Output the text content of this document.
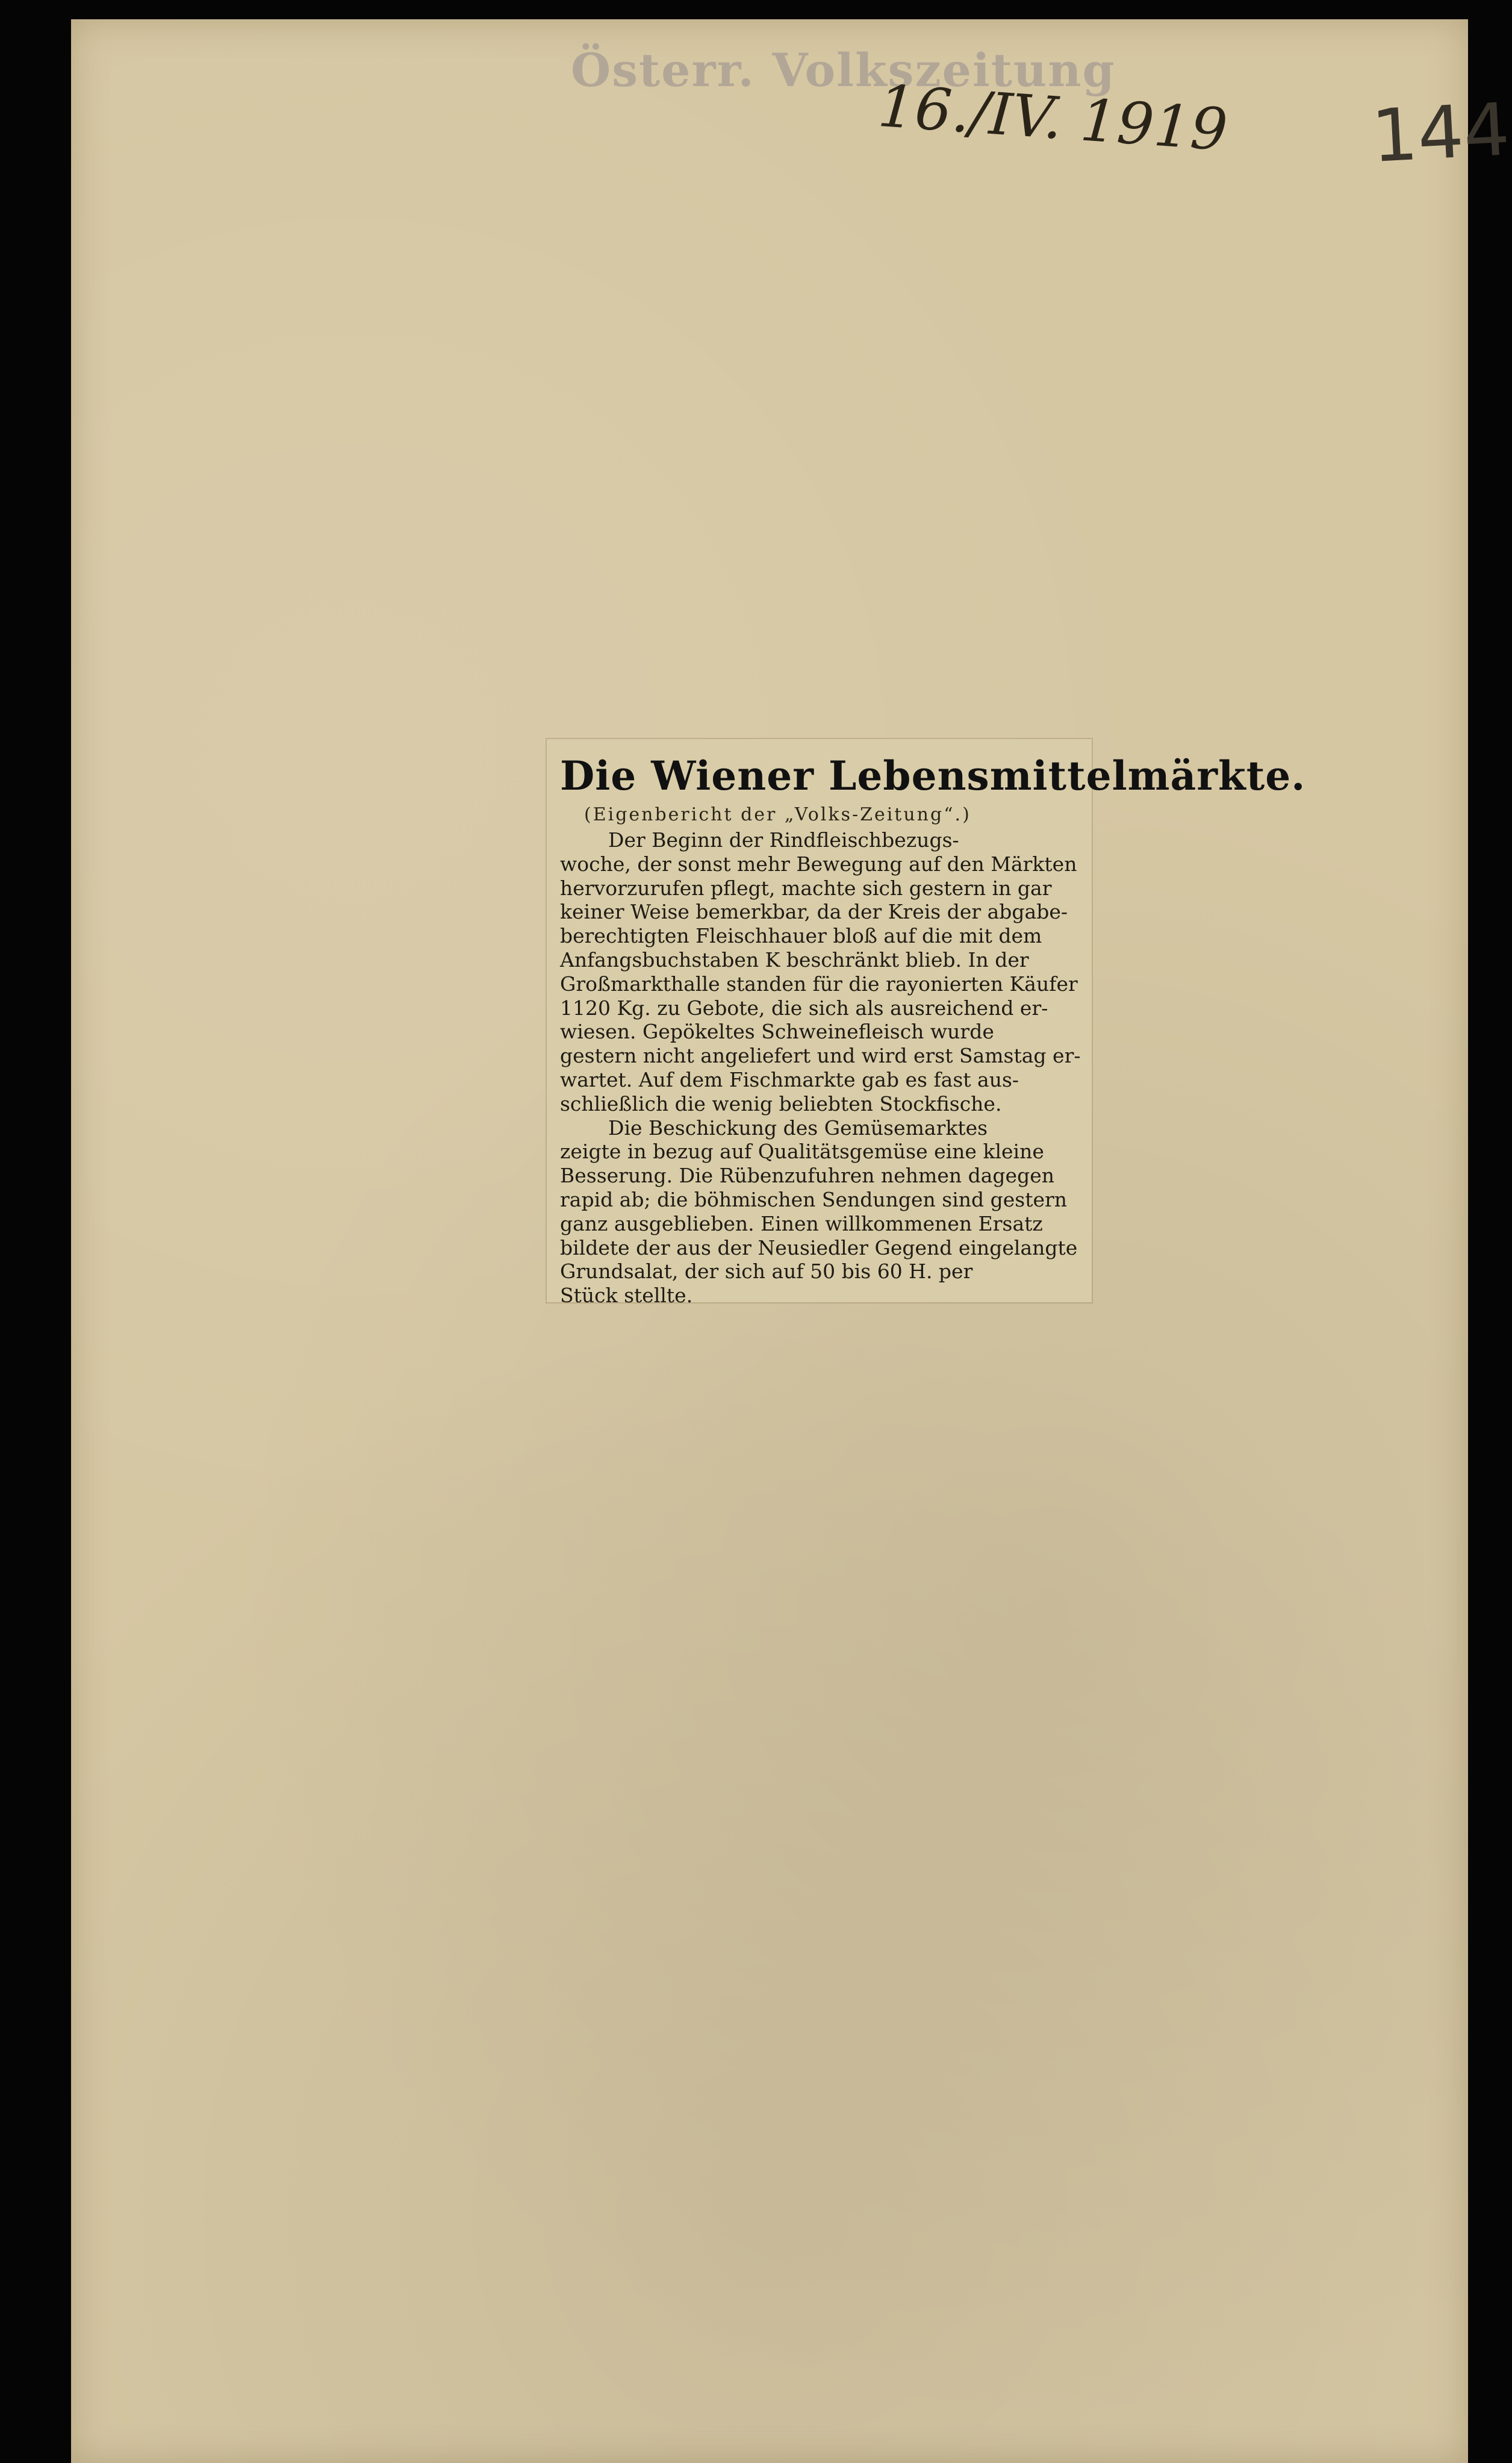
Österr. Volkszeitung
16./IV. 1919 144
Die Wiener Lebensmittelmärkte.
(Eigenbericht der „Volks-Zeitung“.)
Der Beginn der Rindfleischbezugs-
woche, der sonst mehr Bewegung auf den Märkten
hervorzurufen pflegt, machte sich gestern in gar
keiner Weise bemerkbar, da der Kreis der abgabe-
berechtigten Fleischhauer bloß auf die mit dem
Anfangsbuchstaben K beschränkt blieb. In der
Großmarkthalle standen für die rayonierten Käufer
1120 Kg. zu Gebote, die sich als ausreichend er-
wiesen. Gepökeltes Schweinefleisch wurde
gestern nicht angeliefert und wird erst Samstag er-
wartet. Auf dem Fischmarkte gab es fast aus-
schließlich die wenig beliebten Stockfische.
Die Beschickung des Gemüsemarktes
zeigte in bezug auf Qualitätsgemüse eine kleine
Besserung. Die Rübenzufuhren nehmen dagegen
rapid ab; die böhmischen Sendungen sind gestern
ganz ausgeblieben. Einen willkommenen Ersatz
bildete der aus der Neusiedler Gegend eingelangte
Grundsalat, der sich auf 50 bis 60 H. per
Stück stellte.
